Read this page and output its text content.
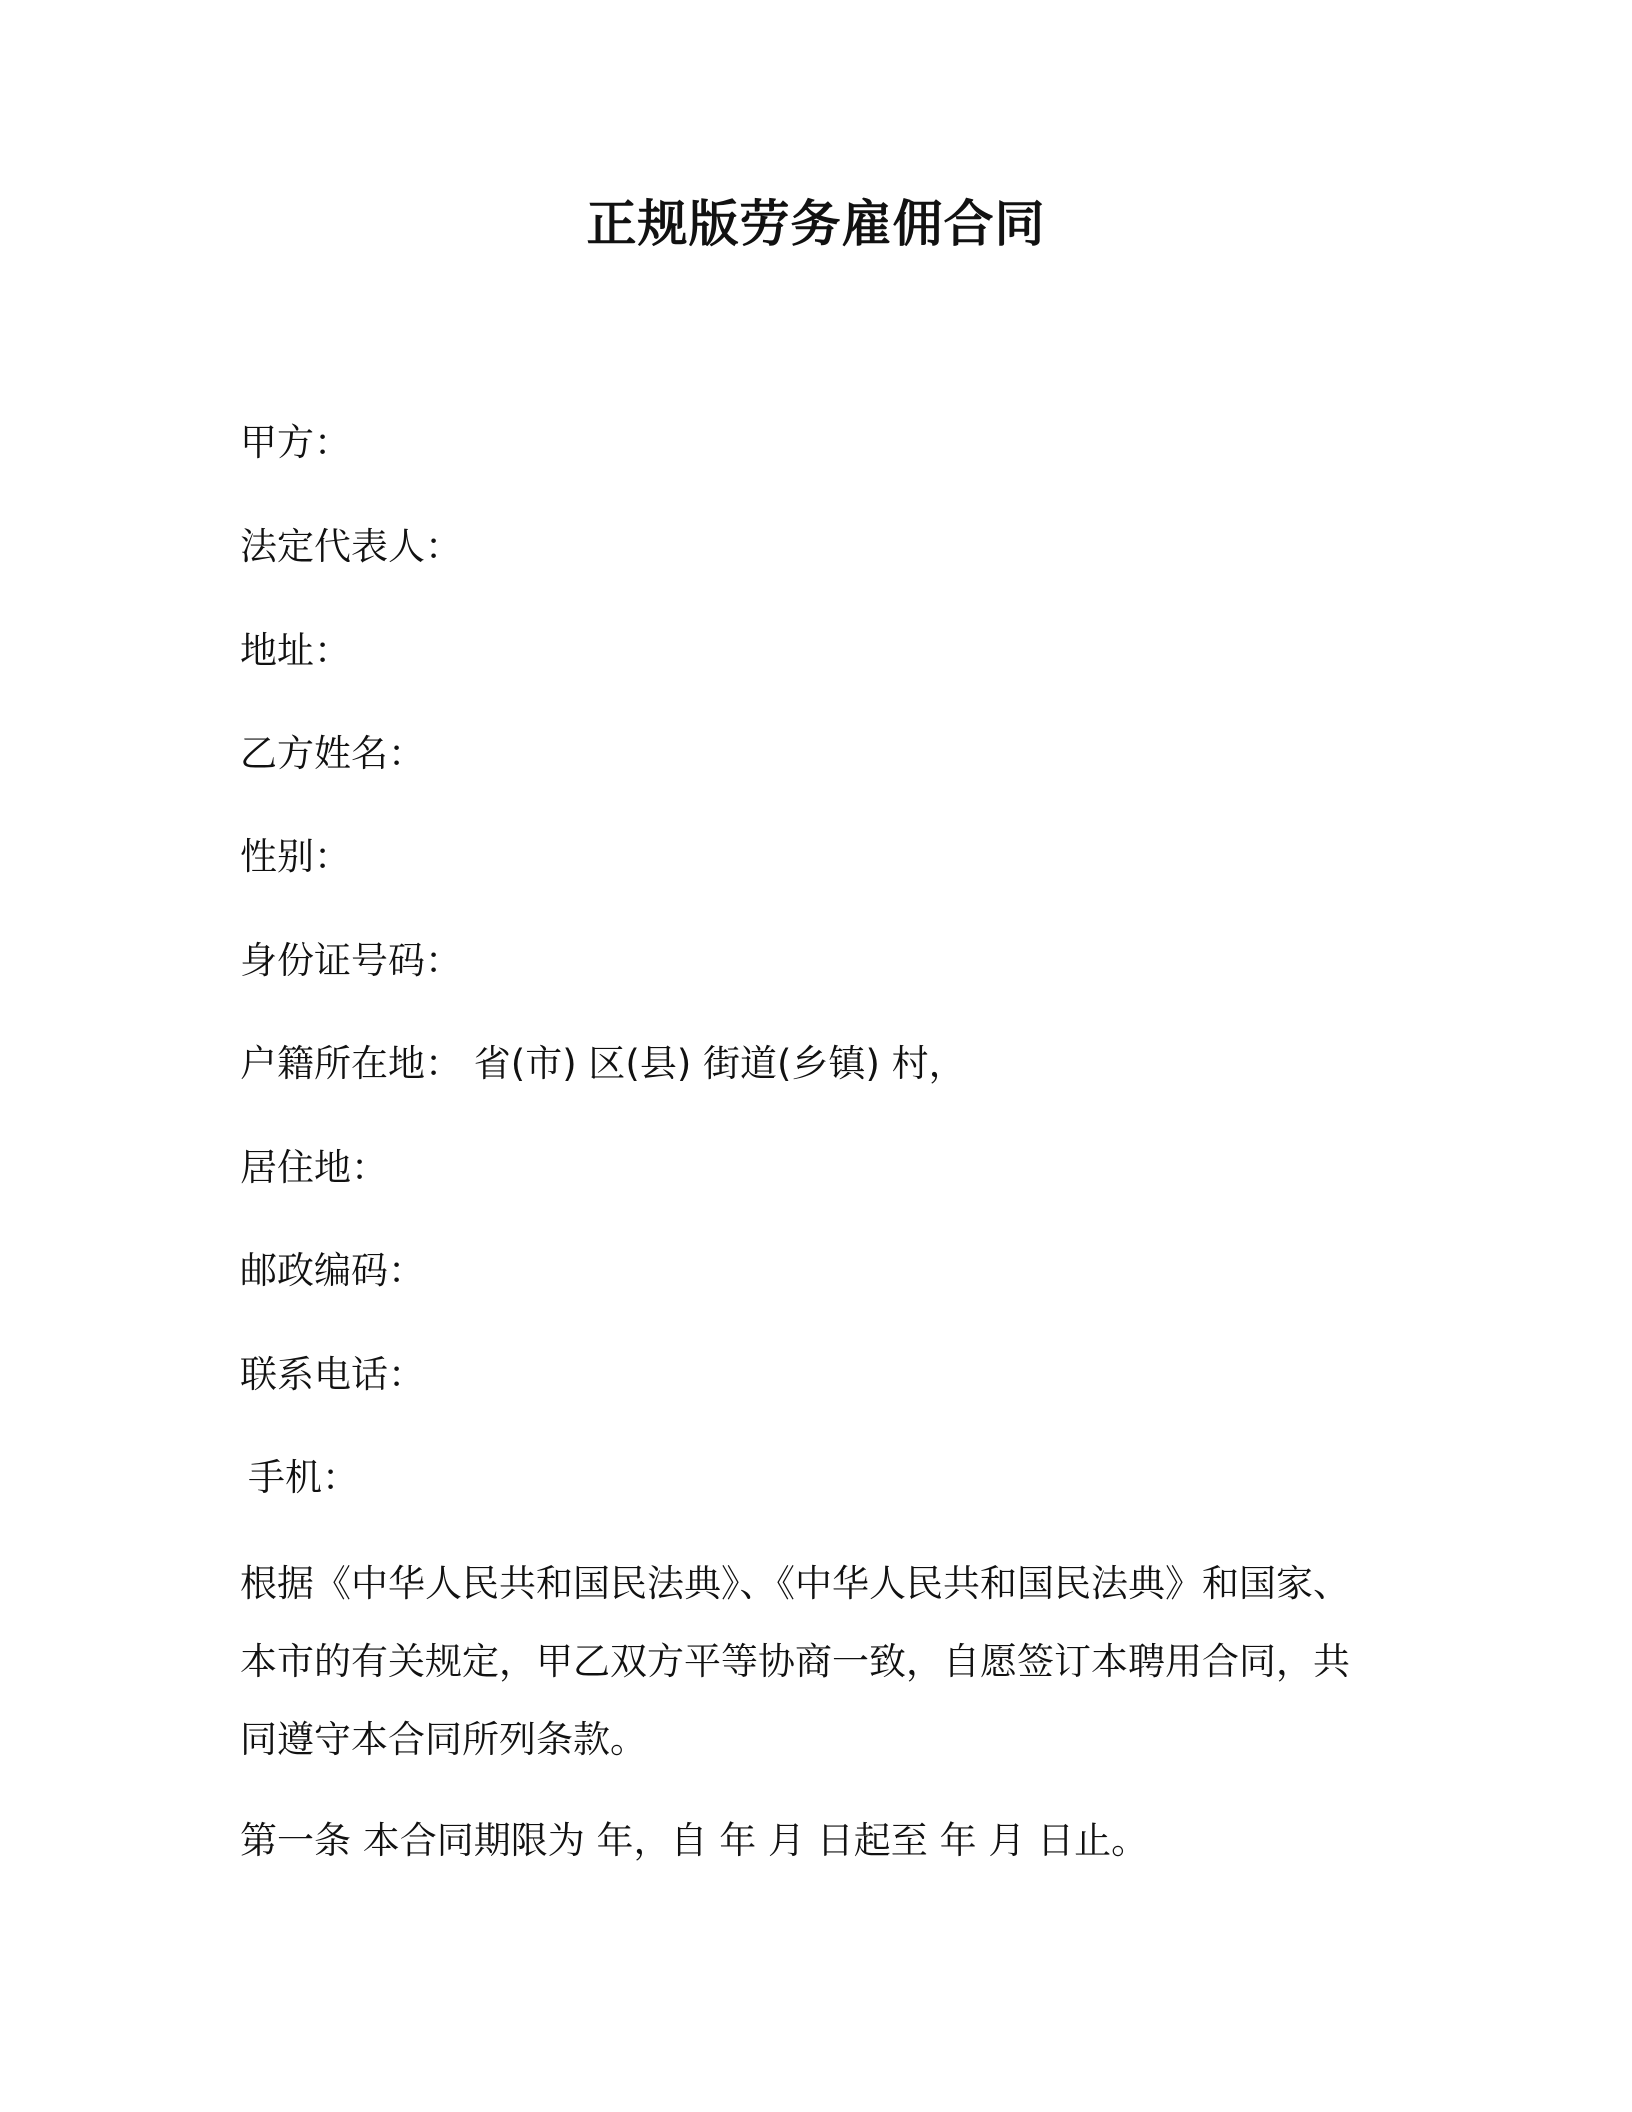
正规版劳务雇佣合同
甲方：
法定代表人：
地址：
乙方姓名：
性别：
身份证号码：
户籍所在地： 省(市) 区(县) 街道(乡镇) 村，
居住地：
邮政编码：
联系电话：
手机：
根据《中华人民共和国民法典》、《中华人民共和国民法典》和国家、
本市的有关规定，甲乙双方平等协商一致，自愿签订本聘用合同，共
同遵守本合同所列条款。
第一条 本合同期限为 年，自 年 月 日起至 年 月 日止。
